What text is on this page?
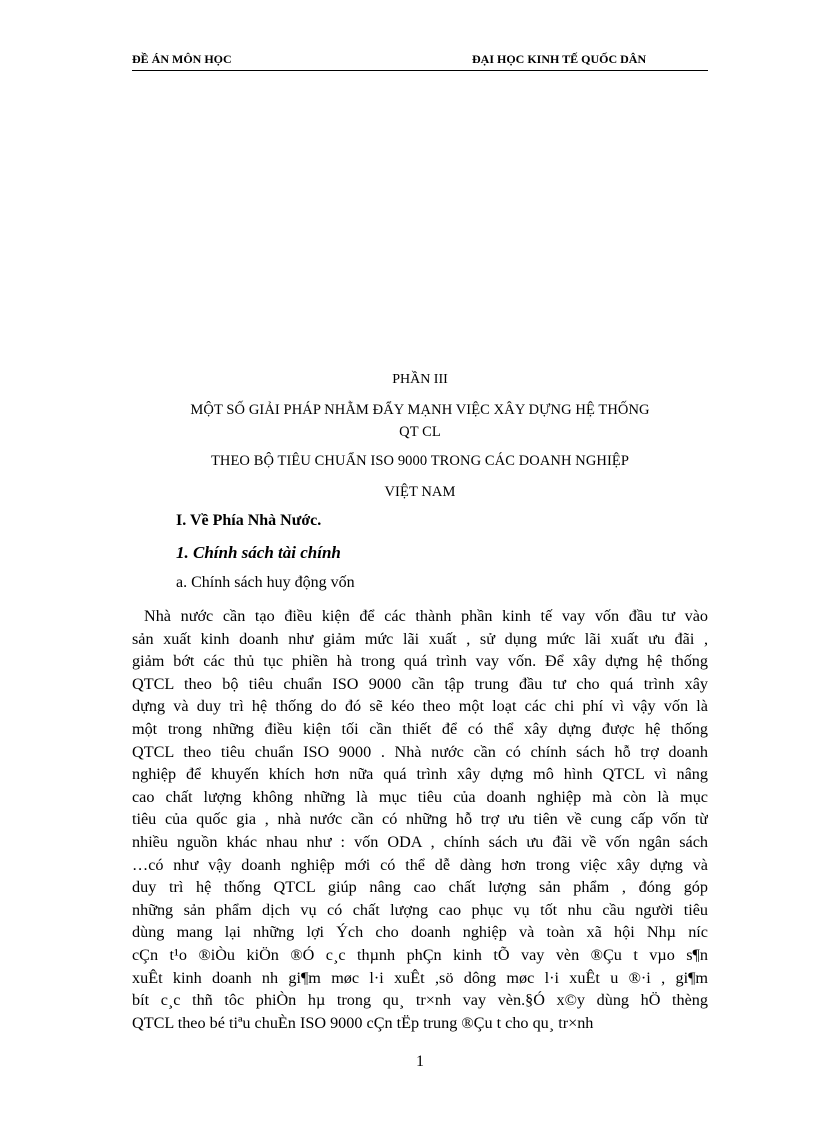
ĐỀ ÁN MÔN HỌC	ĐẠI HỌC KINH TẾ QUỐC DÂN
PHẦN III
MỘT SỐ GIẢI PHÁP NHẰM ĐẨY MẠNH VIỆC XÂY DỰNG HỆ THỐNG
QT CL
THEO BỘ TIÊU CHUẨN ISO 9000 TRONG CÁC DOANH NGHIỆP
VIỆT NAM
I. Về Phía Nhà Nước.
1. Chính sách tài chính
a. Chính sách huy động vốn
Nhà nước cần tạo điều kiện để các thành phần kinh tế vay vốn đầu tư vào
sản xuất kinh doanh như giảm mức lãi xuất , sử dụng mức lãi xuất ưu đãi ,
giảm bớt các thủ tục phiền hà trong quá trình vay vốn. Để xây dựng hệ thống
QTCL theo bộ tiêu chuẩn ISO 9000 cần tập trung đầu tư cho quá trình xây
dựng và duy trì hệ thống do đó sẽ kéo theo một loạt các chi phí vì vậy vốn là
một trong những điều kiện tối cần thiết để có thể xây dựng được hệ thống
QTCL theo tiêu chuẩn ISO 9000 . Nhà nước cần có chính sách hỗ trợ doanh
nghiệp để khuyến khích hơn nữa quá trình xây dựng mô hình QTCL vì nâng
cao chất lượng không những là mục tiêu của doanh nghiệp mà còn là mục
tiêu của quốc gia , nhà nước cần có những hỗ trợ ưu tiên về cung cấp vốn từ
nhiều nguồn khác nhau như : vốn ODA , chính sách ưu đãi về vốn ngân sách
…có như vậy doanh nghiệp mới có thể dễ dàng hơn trong việc xây dựng và
duy trì hệ thống QTCL giúp nâng cao chất lượng sản phẩm , đóng góp
những sản phẩm dịch vụ có chất lượng cao phục vụ tốt nhu cầu người tiêu
dùng mang lại những lợi Ých cho doanh nghiệp và toàn xã hội Nhµ níc
cÇn t¹o ®iÒu kiÖn ®Ó c¸c thµnh phÇn kinh tÕ vay vèn ®Çu t vµo s¶n
xuÊt kinh doanh nh gi¶m møc l·i xuÊt ,sö dông møc l·i xuÊt u ®·i , gi¶m
bít c¸c thñ tôc phiÒn hµ trong qu¸ tr×nh vay vèn.§Ó x©y dùng hÖ thèng
QTCL theo bé tiªu chuÈn ISO 9000 cÇn tËp trung ®Çu t cho qu¸ tr×nh
1
